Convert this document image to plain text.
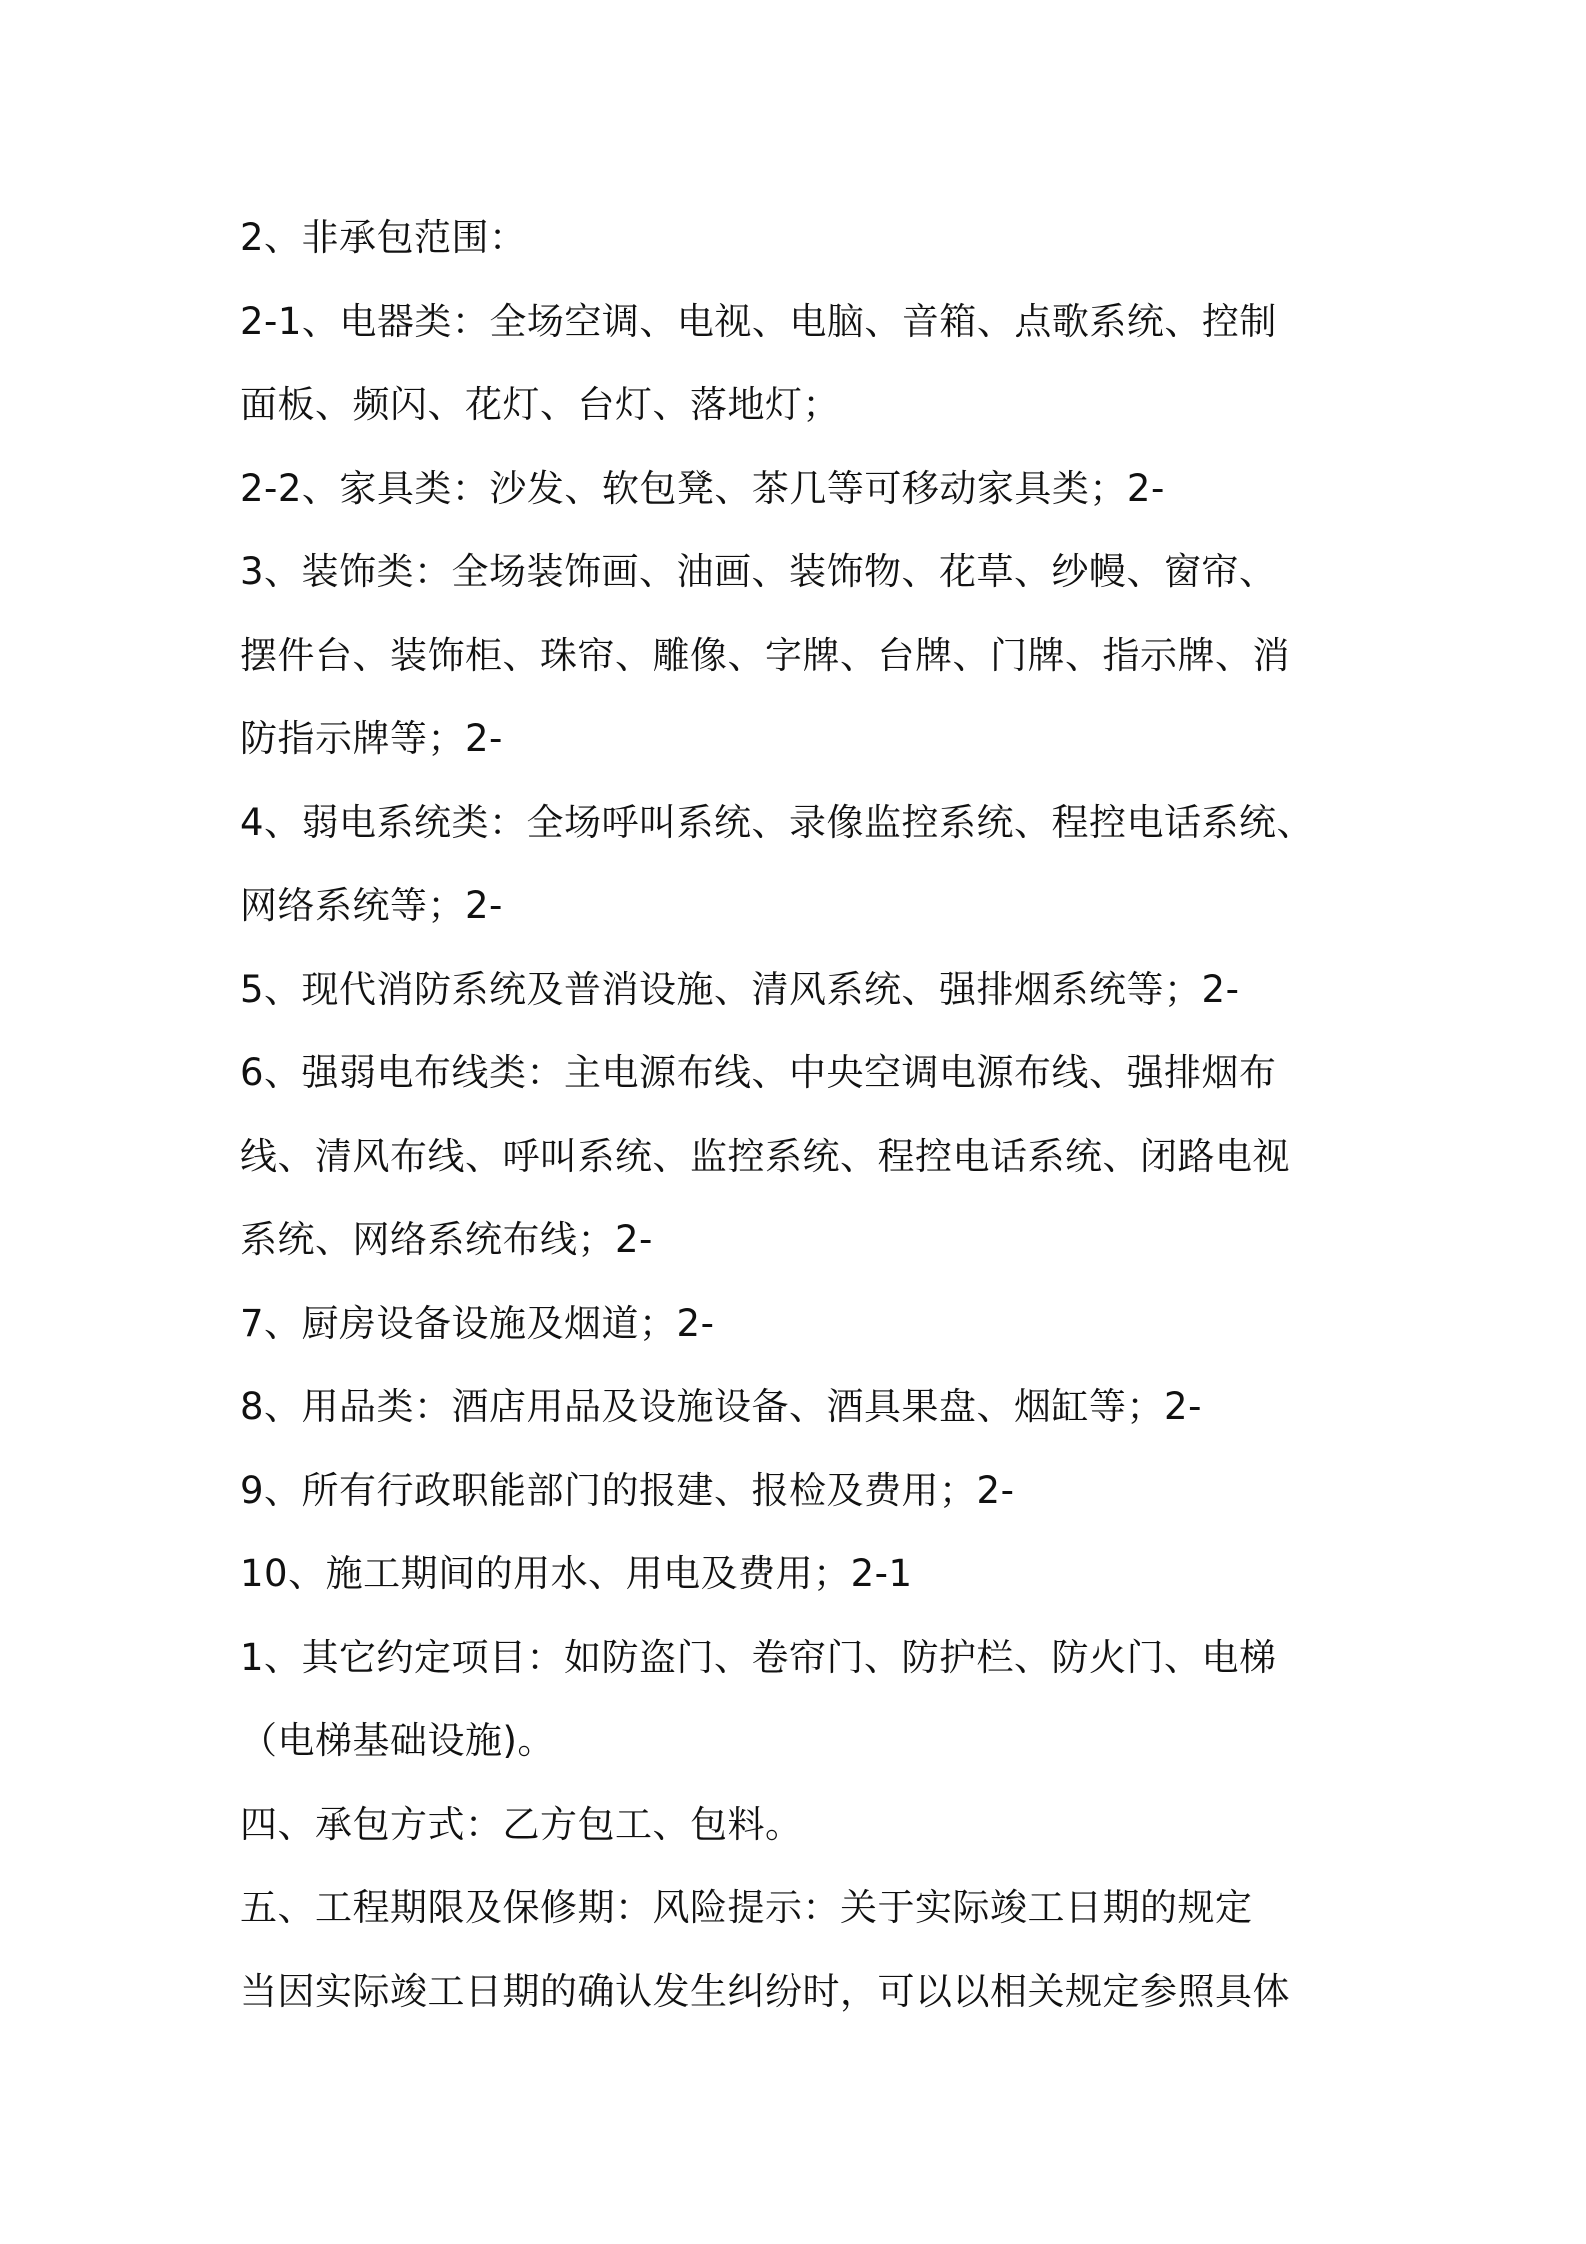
2、非承包范围：
2-1、电器类：全场空调、电视、电脑、音箱、点歌系统、控制
面板、频闪、花灯、台灯、落地灯；
2-2、家具类：沙发、软包凳、茶几等可移动家具类；2-
3、装饰类：全场装饰画、油画、装饰物、花草、纱幔、窗帘、
摆件台、装饰柜、珠帘、雕像、字牌、台牌、门牌、指示牌、消
防指示牌等；2-
4、弱电系统类：全场呼叫系统、录像监控系统、程控电话系统、
网络系统等；2-
5、现代消防系统及普消设施、清风系统、强排烟系统等；2-
6、强弱电布线类：主电源布线、中央空调电源布线、强排烟布
线、清风布线、呼叫系统、监控系统、程控电话系统、闭路电视
系统、网络系统布线；2-
7、厨房设备设施及烟道；2-
8、用品类：酒店用品及设施设备、酒具果盘、烟缸等；2-
9、所有行政职能部门的报建、报检及费用；2-
10、施工期间的用水、用电及费用；2-1
1、其它约定项目：如防盗门、卷帘门、防护栏、防火门、电梯
（电梯基础设施)。
四、承包方式：乙方包工、包料。
五、工程期限及保修期：风险提示：关于实际竣工日期的规定
当因实际竣工日期的确认发生纠纷时，可以以相关规定参照具体
